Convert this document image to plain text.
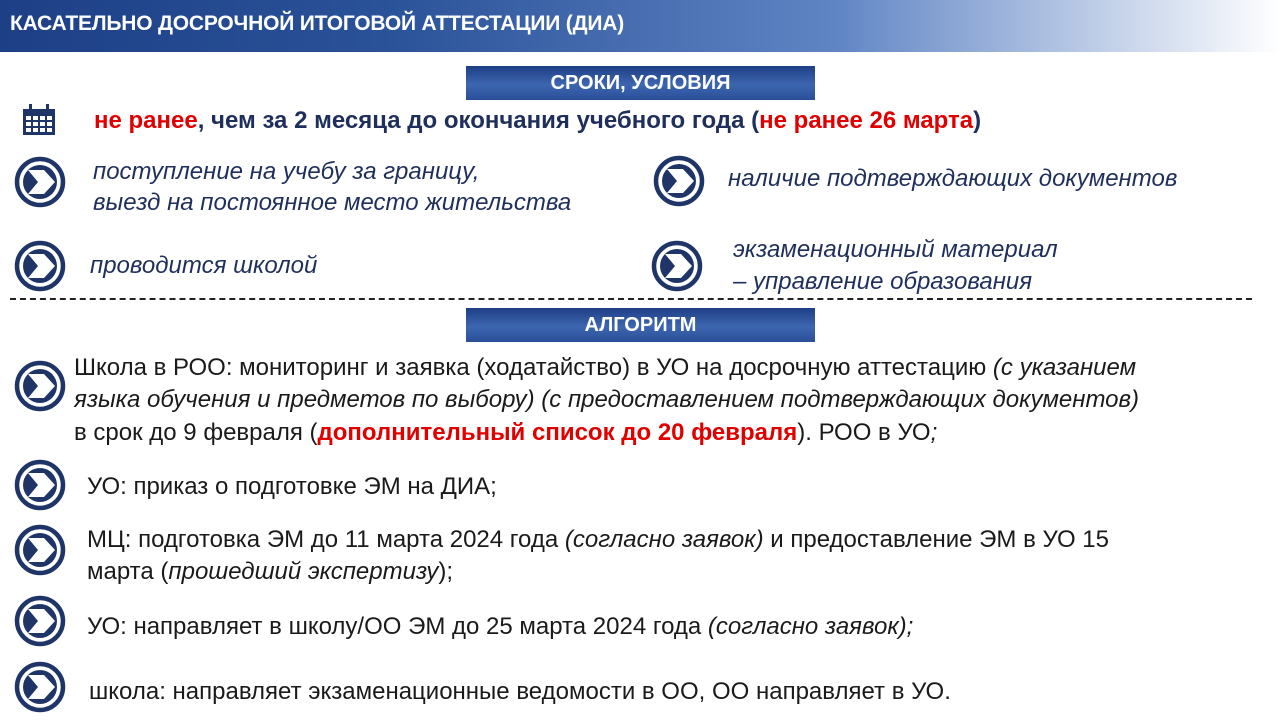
КАСАТЕЛЬНО ДОСРОЧНОЙ ИТОГОВОЙ АТТЕСТАЦИИ (ДИА)
СРОКИ, УСЛОВИЯ
не ранее, чем за 2 месяца до окончания учебного года (не ранее 26 марта)
поступление на учебу за границу,
выезд на постоянное место жительства
наличие подтверждающих документов
проводится школой
экзаменационный материал
– управление образования
АЛГОРИТМ
Школа в РОО: мониторинг и заявка (ходатайство) в УО на досрочную аттестацию (с указанием
языка обучения и предметов по выбору) (с предоставлением подтверждающих документов)
в срок до 9 февраля (дополнительный список до 20 февраля). РОО в УО;
УО: приказ о подготовке ЭМ на ДИА;
МЦ: подготовка ЭМ до 11 марта 2024 года (согласно заявок) и предоставление ЭМ в УО 15
марта (прошедший экспертизу);
УО: направляет в школу/ОО ЭМ до 25 марта 2024 года (согласно заявок);
школа: направляет экзаменационные ведомости в ОО, ОО направляет в УО.
